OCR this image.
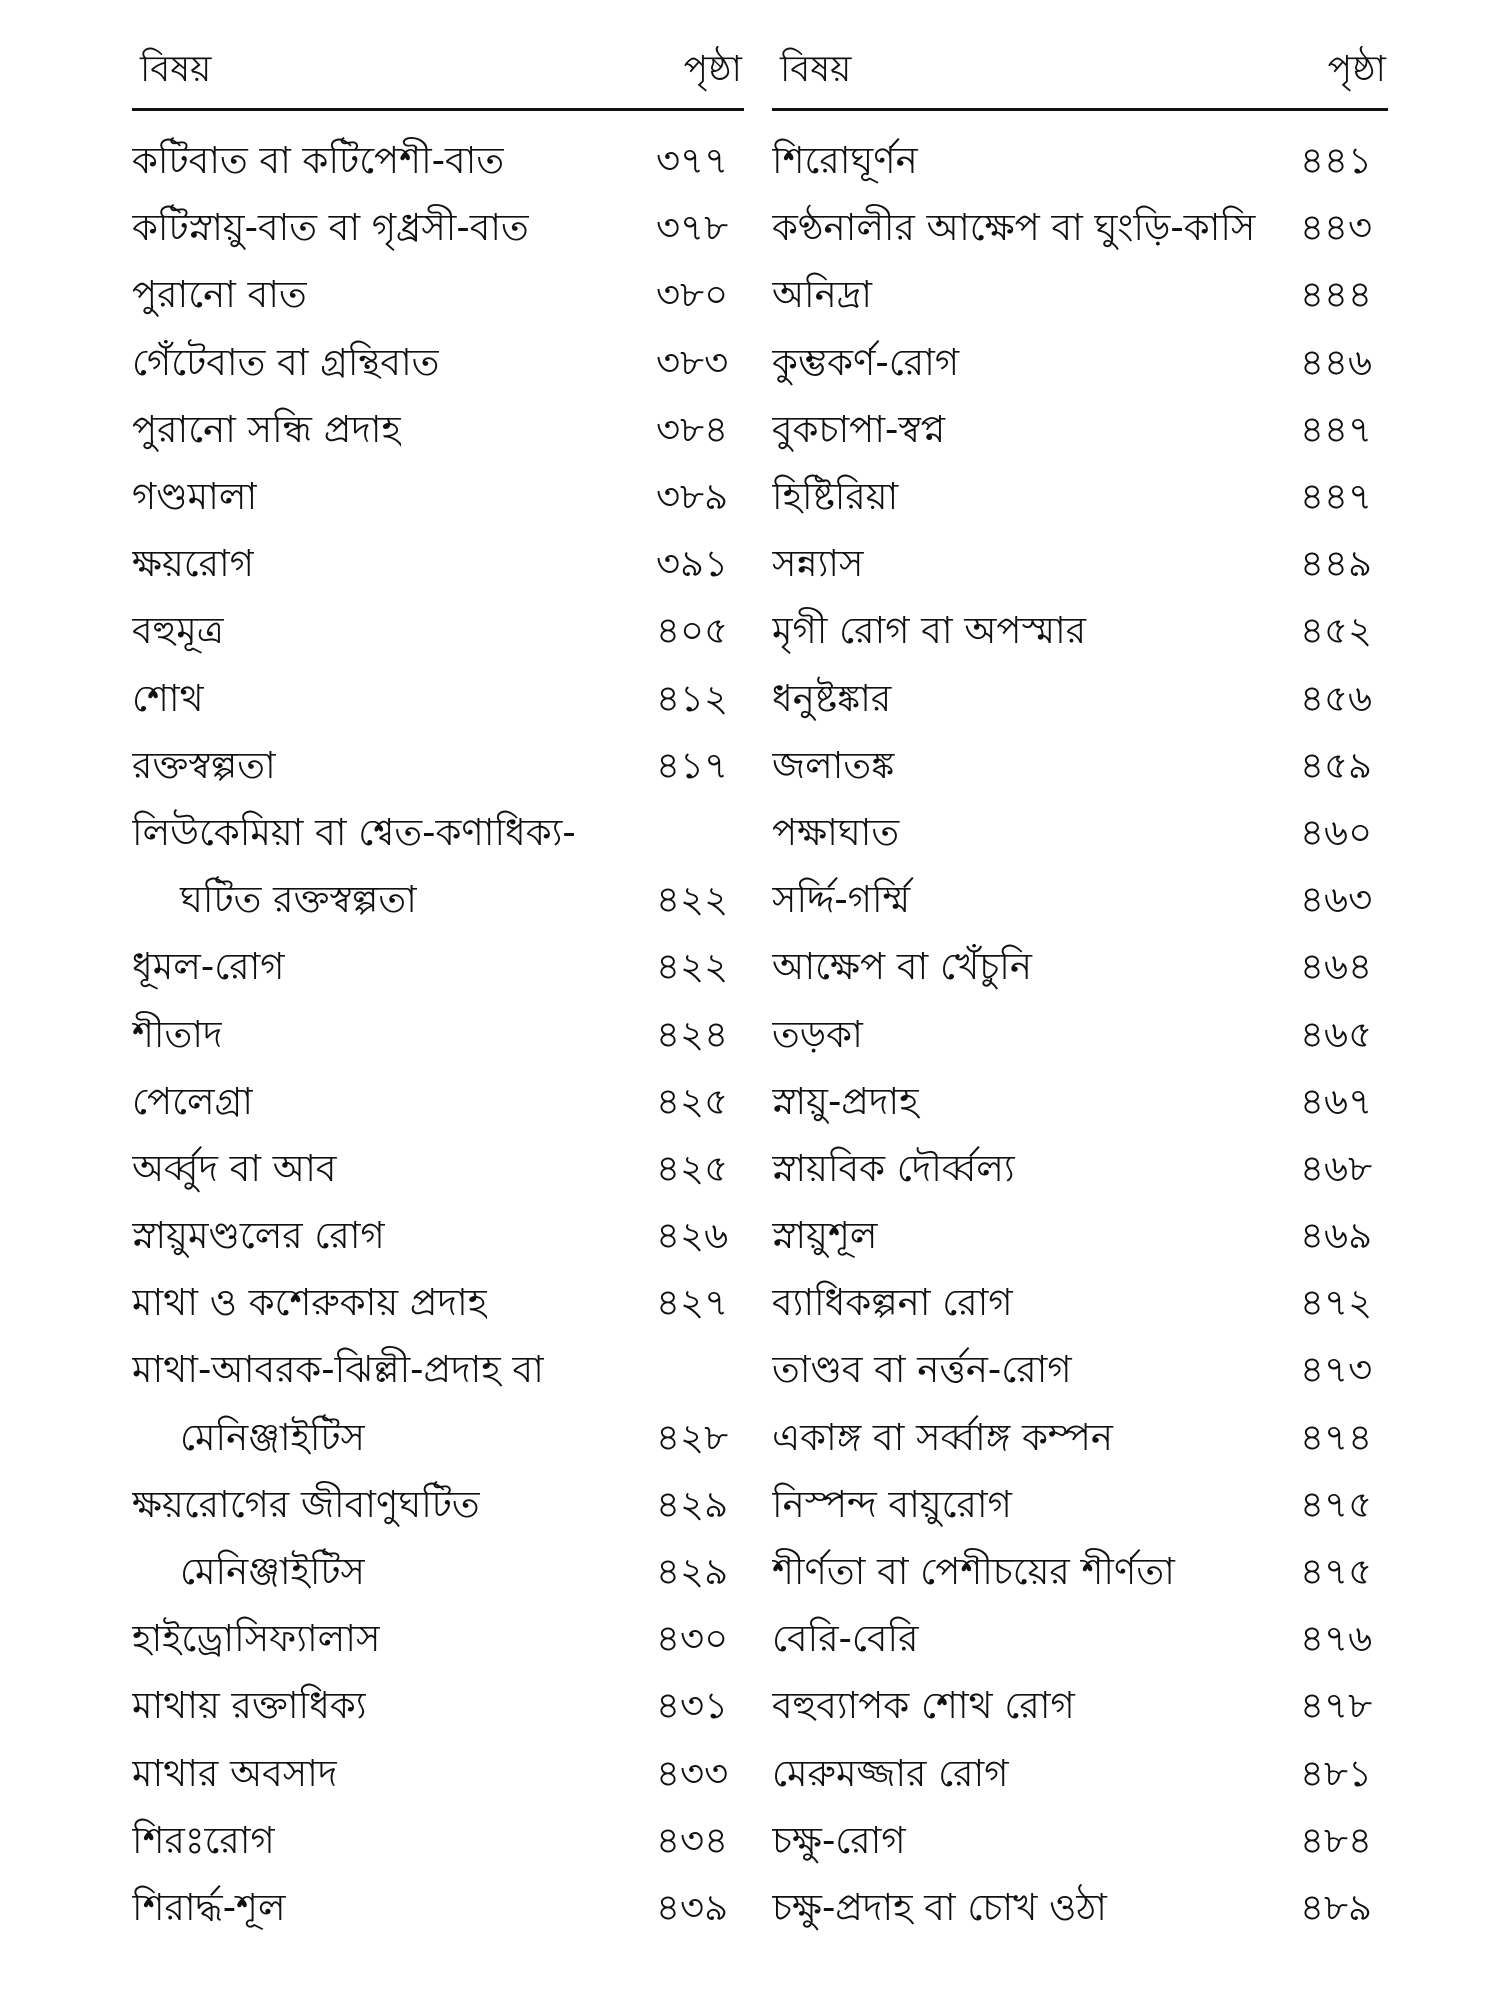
বিষয়	পৃষ্ঠা
কটিবাত বা কটিপেশী-বাত	৩৭৭
কটিস্নায়ু-বাত বা গৃধ্রসী-বাত	৩৭৮
পুরানো বাত	৩৮০
গেঁটেবাত বা গ্রন্থিবাত	৩৮৩
পুরানো সন্ধি প্রদাহ	৩৮৪
গণ্ডমালা	৩৮৯
ক্ষয়রোগ	৩৯১
বহুমূত্র	৪০৫
শোথ	৪১২
রক্তস্বল্পতা	৪১৭
লিউকেমিয়া বা শ্বেত-কণাধিক্য-
ঘটিত রক্তস্বল্পতা	৪২২
ধূমল-রোগ	৪২২
শীতাদ	৪২৪
পেলেগ্রা	৪২৫
অর্ব্বুদ বা আব	৪২৫
স্নায়ুমণ্ডলের রোগ	৪২৬
মাথা ও কশেরুকায় প্রদাহ	৪২৭
মাথা-আবরক-ঝিল্লী-প্রদাহ বা
মেনিঞ্জাইটিস	৪২৮
ক্ষয়রোগের জীবাণুঘটিত	৪২৯
মেনিঞ্জাইটিস	৪২৯
হাইড্রোসিফ্যালাস	৪৩০
মাথায় রক্তাধিক্য	৪৩১
মাথার অবসাদ	৪৩৩
শিরঃরোগ	৪৩৪
শিরার্দ্ধ-শূল	৪৩৯
বিষয়	পৃষ্ঠা
শিরোঘূর্ণন	৪৪১
কণ্ঠনালীর আক্ষেপ বা ঘুংড়ি-কাসি	৪৪৩
অনিদ্রা	৪৪৪
কুম্ভকর্ণ-রোগ	৪৪৬
বুকচাপা-স্বপ্ন	৪৪৭
হিষ্টিরিয়া	৪৪৭
সন্ন্যাস	৪৪৯
মৃগী রোগ বা অপস্মার	৪৫২
ধনুষ্টঙ্কার	৪৫৬
জলাতঙ্ক	৪৫৯
পক্ষাঘাত	৪৬০
সর্দ্দি-গর্ম্মি	৪৬৩
আক্ষেপ বা খেঁচুনি	৪৬৪
তড়কা	৪৬৫
স্নায়ু-প্রদাহ	৪৬৭
স্নায়বিক দৌর্ব্বল্য	৪৬৮
স্নায়ুশূল	৪৬৯
ব্যাধিকল্পনা রোগ	৪৭২
তাণ্ডব বা নর্ত্তন-রোগ	৪৭৩
একাঙ্গ বা সর্ব্বাঙ্গ কম্পন	৪৭৪
নিস্পন্দ বায়ুরোগ	৪৭৫
শীর্ণতা বা পেশীচয়ের শীর্ণতা	৪৭৫
বেরি-বেরি	৪৭৬
বহুব্যাপক শোথ রোগ	৪৭৮
মেরুমজ্জার রোগ	৪৮১
চক্ষু-রোগ	৪৮৪
চক্ষু-প্রদাহ বা চোখ ওঠা	৪৮৯
